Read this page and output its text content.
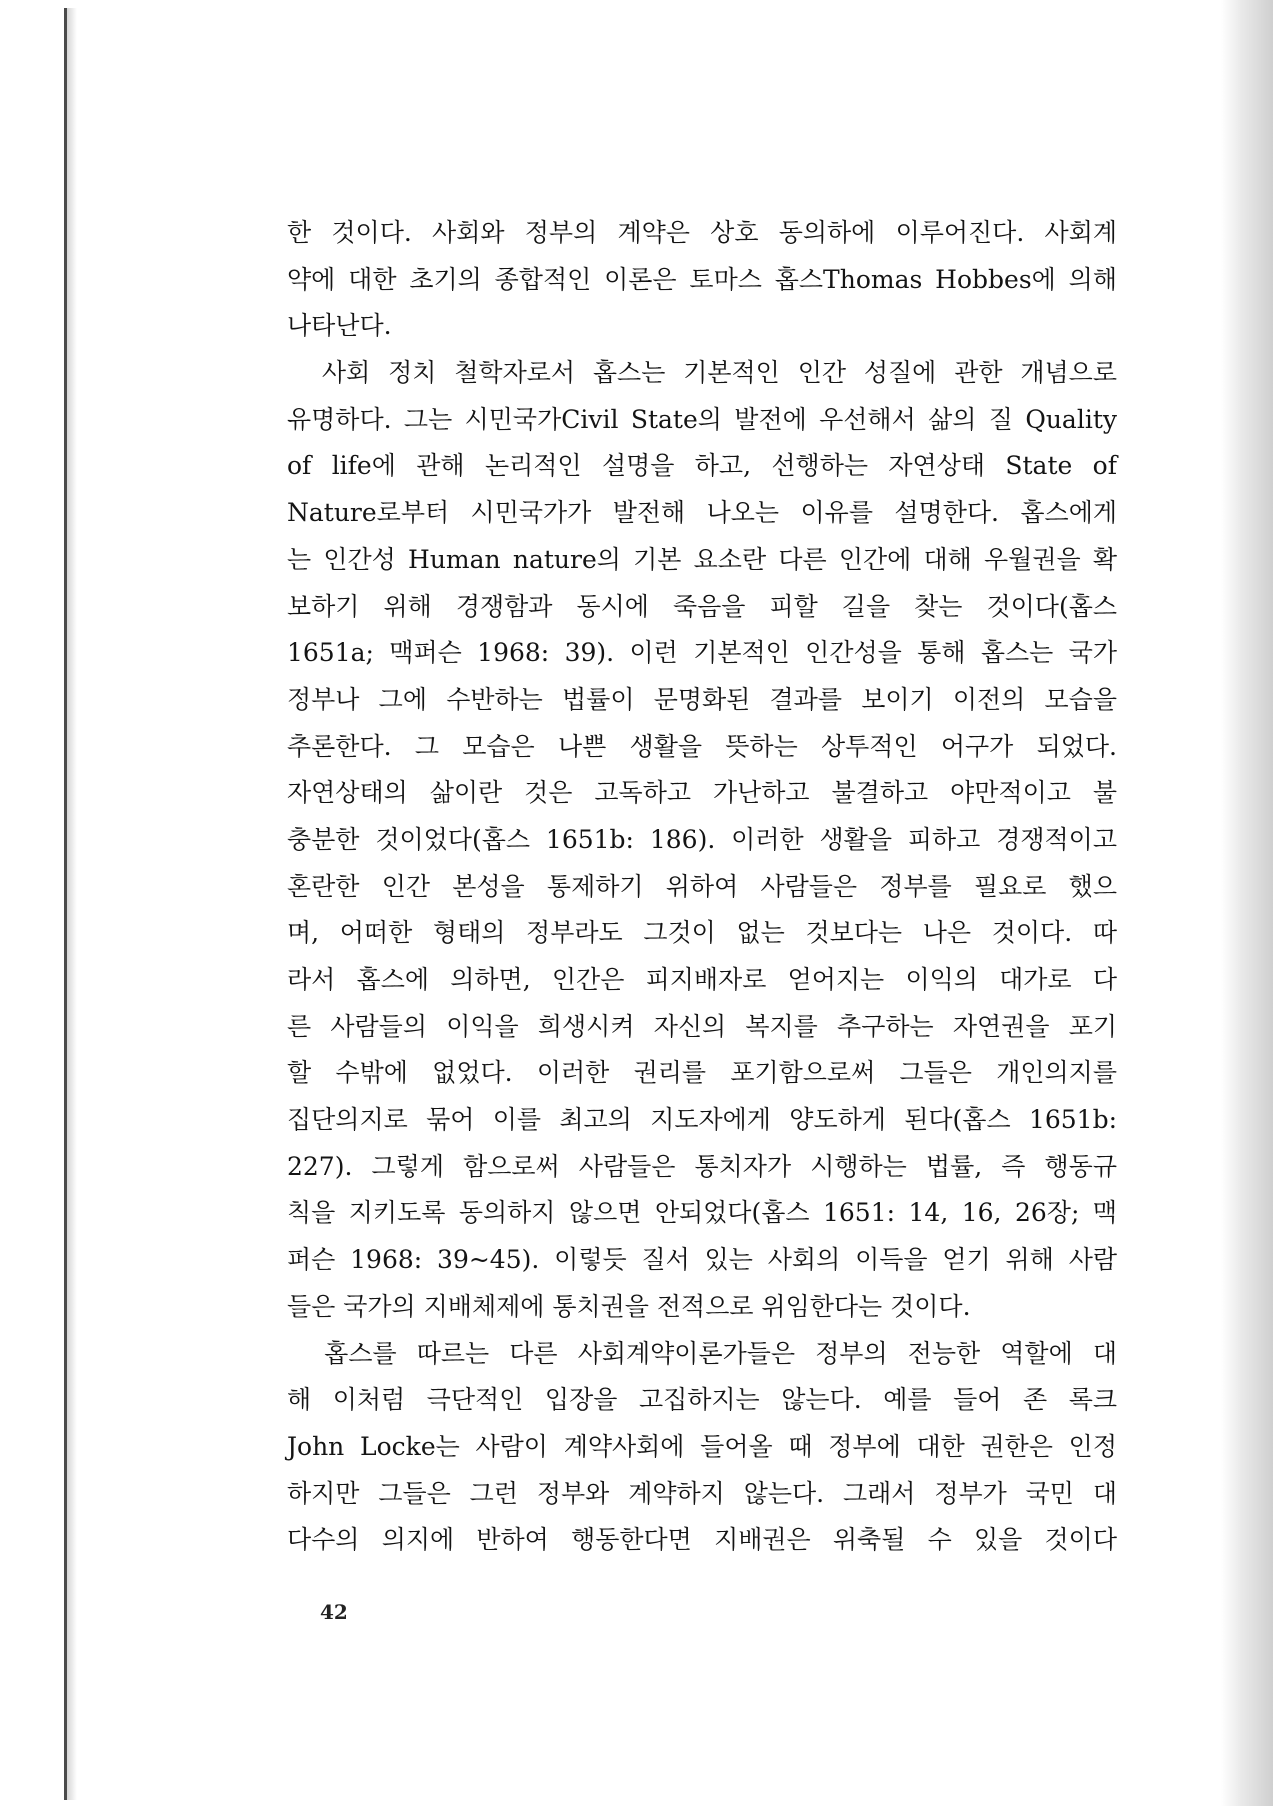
한 것이다. 사회와 정부의 계약은 상호 동의하에 이루어진다. 사회계
약에 대한 초기의 종합적인 이론은 토마스 홉스Thomas Hobbes에 의해
나타난다.
　사회 정치 철학자로서 홉스는 기본적인 인간 성질에 관한 개념으로
유명하다. 그는 시민국가Civil State의 발전에 우선해서 삶의 질 Quality
of life에 관해 논리적인 설명을 하고, 선행하는 자연상태 State of
Nature로부터 시민국가가 발전해 나오는 이유를 설명한다. 홉스에게
는 인간성 Human nature의 기본 요소란 다른 인간에 대해 우월권을 확
보하기 위해 경쟁함과 동시에 죽음을 피할 길을 찾는 것이다(홉스
1651a; 맥퍼슨 1968: 39). 이런 기본적인 인간성을 통해 홉스는 국가
정부나 그에 수반하는 법률이 문명화된 결과를 보이기 이전의 모습을
추론한다. 그 모습은 나쁜 생활을 뜻하는 상투적인 어구가 되었다.
자연상태의 삶이란 것은 고독하고 가난하고 불결하고 야만적이고 불
충분한 것이었다(홉스 1651b: 186). 이러한 생활을 피하고 경쟁적이고
혼란한 인간 본성을 통제하기 위하여 사람들은 정부를 필요로 했으
며, 어떠한 형태의 정부라도 그것이 없는 것보다는 나은 것이다. 따
라서 홉스에 의하면, 인간은 피지배자로 얻어지는 이익의 대가로 다
른 사람들의 이익을 희생시켜 자신의 복지를 추구하는 자연권을 포기
할 수밖에 없었다. 이러한 권리를 포기함으로써 그들은 개인의지를
집단의지로 묶어 이를 최고의 지도자에게 양도하게 된다(홉스 1651b:
227). 그렇게 함으로써 사람들은 통치자가 시행하는 법률, 즉 행동규
칙을 지키도록 동의하지 않으면 안되었다(홉스 1651: 14, 16, 26장; 맥
퍼슨 1968: 39~45). 이렇듯 질서 있는 사회의 이득을 얻기 위해 사람
들은 국가의 지배체제에 통치권을 전적으로 위임한다는 것이다.
　홉스를 따르는 다른 사회계약이론가들은 정부의 전능한 역할에 대
해 이처럼 극단적인 입장을 고집하지는 않는다. 예를 들어 존 록크
John Locke는 사람이 계약사회에 들어올 때 정부에 대한 권한은 인정
하지만 그들은 그런 정부와 계약하지 않는다. 그래서 정부가 국민 대
다수의 의지에 반하여 행동한다면 지배권은 위축될 수 있을 것이다
42
